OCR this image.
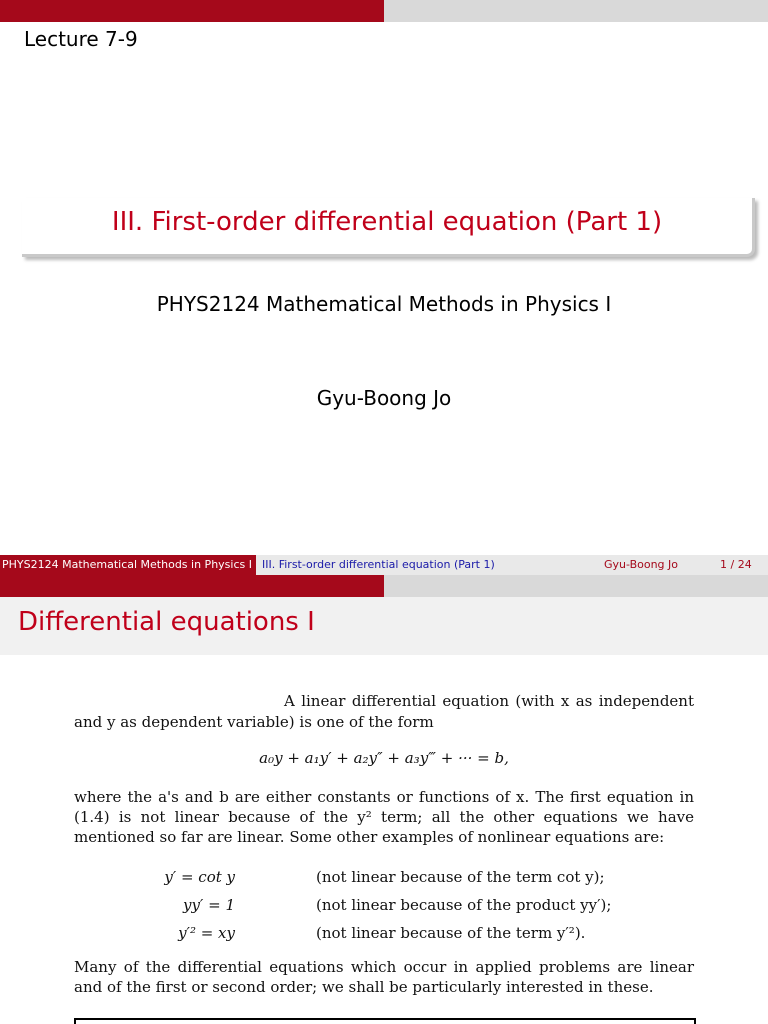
Lecture 7-9
III. First-order differential equation (Part 1)
PHYS2124 Mathematical Methods in Physics I
Gyu-Boong Jo
PHYS2124 Mathematical Methods in Physics I III. First-order differential equation (Part 1)	Gyu-Boong Jo	1 / 24
Differential equations I
A linear differential equation (with x as independent and y as dependent variable) is one of the form
a₀y + a₁y′ + a₂y″ + a₃y‴ + ··· = b,
where the a's and b are either constants or functions of x. The first equation in (1.4) is not linear because of the y² term; all the other equations we have mentioned so far are linear. Some other examples of nonlinear equations are:
y′ = cot y	(not linear because of the term cot y);
yy′ = 1	(not linear because of the product yy′);
y′² = xy	(not linear because of the term y′²).
Many of the differential equations which occur in applied problems are linear and of the first or second order; we shall be particularly interested in these.
